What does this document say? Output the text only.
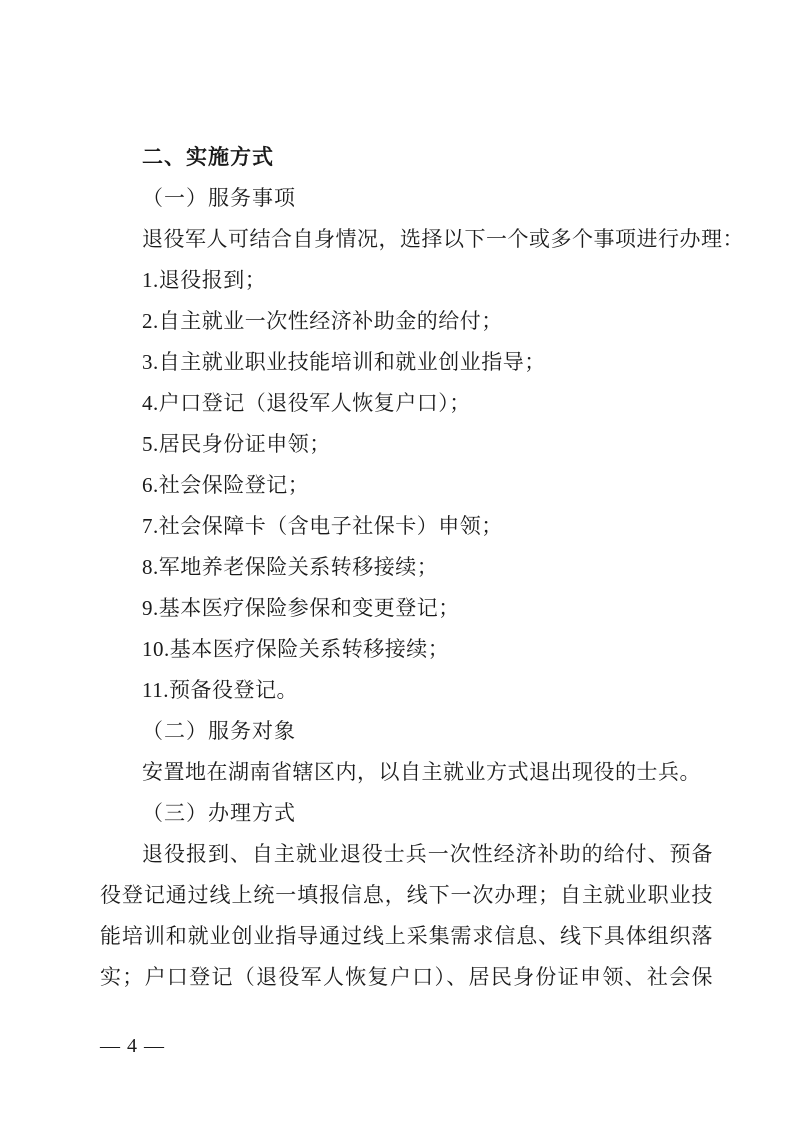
二、实施方式
（一）服务事项
退役军人可结合自身情况，选择以下一个或多个事项进行办理：
1.退役报到；
2.自主就业一次性经济补助金的给付；
3.自主就业职业技能培训和就业创业指导；
4.户口登记（退役军人恢复户口）；
5.居民身份证申领；
6.社会保险登记；
7.社会保障卡（含电子社保卡）申领；
8.军地养老保险关系转移接续；
9.基本医疗保险参保和变更登记；
10.基本医疗保险关系转移接续；
11.预备役登记。
（二）服务对象
安置地在湖南省辖区内，以自主就业方式退出现役的士兵。
（三）办理方式
退役报到、自主就业退役士兵一次性经济补助的给付、预备
役登记通过线上统一填报信息，线下一次办理；自主就业职业技
能培训和就业创业指导通过线上采集需求信息、线下具体组织落
实；户口登记（退役军人恢复户口）、居民身份证申领、社会保
— 4 —
